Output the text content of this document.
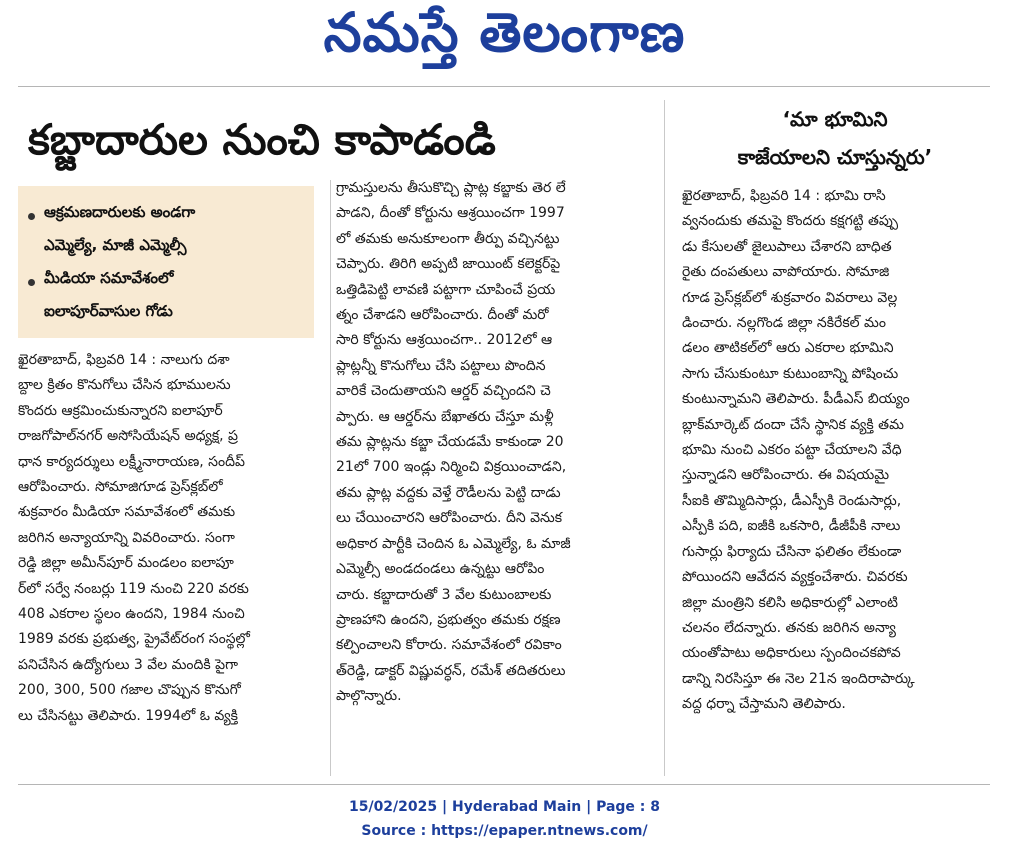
నమస్తే తెలంగాణ
కబ్జాదారుల నుంచి కాపాడండి
ఆక్రమణదారులకు అండగా
ఎమ్మెల్యే, మాజీ ఎమ్మెల్సీ
మీడియా సమావేశంలో
ఐలాపూర్‌వాసుల గోడు
ఖైరతాబాద్, ఫిబ్రవరి 14 : నాలుగు దశా
బ్దాల క్రితం కొనుగోలు చేసిన భూములను
కొందరు ఆక్రమించుకున్నారని ఐలాపూర్
రాజగోపాల్‌నగర్ అసోసియేషన్ అధ్యక్ష, ప్ర
ధాన కార్యదర్శులు లక్ష్మీనారాయణ, సందీప్
ఆరోపించారు. సోమాజిగూడ ప్రెస్‌క్లబ్‌లో
శుక్రవారం మీడియా సమావేశంలో తమకు
జరిగిన అన్యాయాన్ని వివరించారు. సంగా
రెడ్డి జిల్లా అమీన్‌పూర్ మండలం ఐలాపూ
ర్‌లో సర్వే నంబర్లు 119 నుంచి 220 వరకు
408 ఎకరాల స్థలం ఉందని, 1984 నుంచి
1989 వరకు ప్రభుత్వ, ప్రైవేట్‌రంగ సంస్థల్లో
పనిచేసిన ఉద్యోగులు 3 వేల మందికి పైగా
200, 300, 500 గజాల చొప్పున కొనుగో
లు చేసినట్టు తెలిపారు. 1994లో ఓ వ్యక్తి
గ్రామస్తులను తీసుకొచ్చి ప్లాట్ల కబ్జాకు తెర లే
పాడని, దీంతో కోర్టును ఆశ్రయించగా 1997
లో తమకు అనుకూలంగా తీర్పు వచ్చినట్టు
చెప్పారు. తిరిగి అప్పటి జాయింట్ కలెక్టర్‌పై
ఒత్తిడిపెట్టి లావణి పట్టాగా చూపించే ప్రయ
త్నం చేశాడని ఆరోపించారు. దీంతో మరో
సారి కోర్టును ఆశ్రయించగా.. 2012లో ఆ
ప్లాట్లన్నీ కొనుగోలు చేసి పట్టాలు పొందిన
వారికే చెందుతాయని ఆర్డర్ వచ్చిందని చె
ప్పారు. ఆ ఆర్డర్‌ను బేఖాతరు చేస్తూ మళ్లీ
తమ ప్లాట్లను కబ్జా చేయడమే కాకుండా 20
21లో 700 ఇండ్లు నిర్మించి విక్రయించాడని,
తమ ప్లాట్ల వద్దకు వెళ్తే రౌడీలను పెట్టి దాడు
లు చేయించారని ఆరోపించారు. దీని వెనుక
అధికార పార్టీకి చెందిన ఓ ఎమ్మెల్యే, ఓ మాజీ
ఎమ్మెల్సీ అండదండలు ఉన్నట్టు ఆరోపిం
చారు. కబ్జాదారుతో 3 వేల కుటుంబాలకు
ప్రాణహాని ఉందని, ప్రభుత్వం తమకు రక్షణ
కల్పించాలని కోరారు. సమావేశంలో రవికాం
త్‌రెడ్డి, డాక్టర్ విష్ణువర్ధన్, రమేశ్ తదితరులు
పాల్గొన్నారు.
‘మా భూమిని
కాజేయాలని చూస్తున్నరు’
ఖైరతాబాద్, ఫిబ్రవరి 14 : భూమి రాసి
వ్వనందుకు తమపై కొందరు కక్షగట్టి తప్పు
డు కేసులతో జైలుపాలు చేశారని బాధిత
రైతు దంపతులు వాపోయారు. సోమాజి
గూడ ప్రెస్‌క్లబ్‌లో శుక్రవారం వివరాలు వెల్ల
డించారు. నల్లగొండ జిల్లా నకిరేకల్ మం
డలం తాటికల్‌లో ఆరు ఎకరాల భూమిని
సాగు చేసుకుంటూ కుటుంబాన్ని పోషించు
కుంటున్నామని తెలిపారు. పీడీఎస్ బియ్యం
బ్లాక్‌మార్కెట్ దందా చేసే స్థానిక వ్యక్తి తమ
భూమి నుంచి ఎకరం పట్టా చేయాలని వేధి
స్తున్నాడని ఆరోపించారు. ఈ విషయమై
సీఐకి తొమ్మిదిసార్లు, డీఎస్పీకి రెండుసార్లు,
ఎస్పీకి పది, ఐజీకి ఒకసారి, డీజీపీకి నాలు
గుసార్లు ఫిర్యాదు చేసినా ఫలితం లేకుండా
పోయిందని ఆవేదన వ్యక్తంచేశారు. చివరకు
జిల్లా మంత్రిని కలిసి అధికారుల్లో ఎలాంటి
చలనం లేదన్నారు. తనకు జరిగిన అన్యా
యంతోపాటు అధికారులు స్పందించకపోవ
డాన్ని నిరసిస్తూ ఈ నెల 21న ఇందిరాపార్కు
వద్ద ధర్నా చేస్తామని తెలిపారు.
15/02/2025 | Hyderabad Main | Page : 8
Source : https://epaper.ntnews.com/
